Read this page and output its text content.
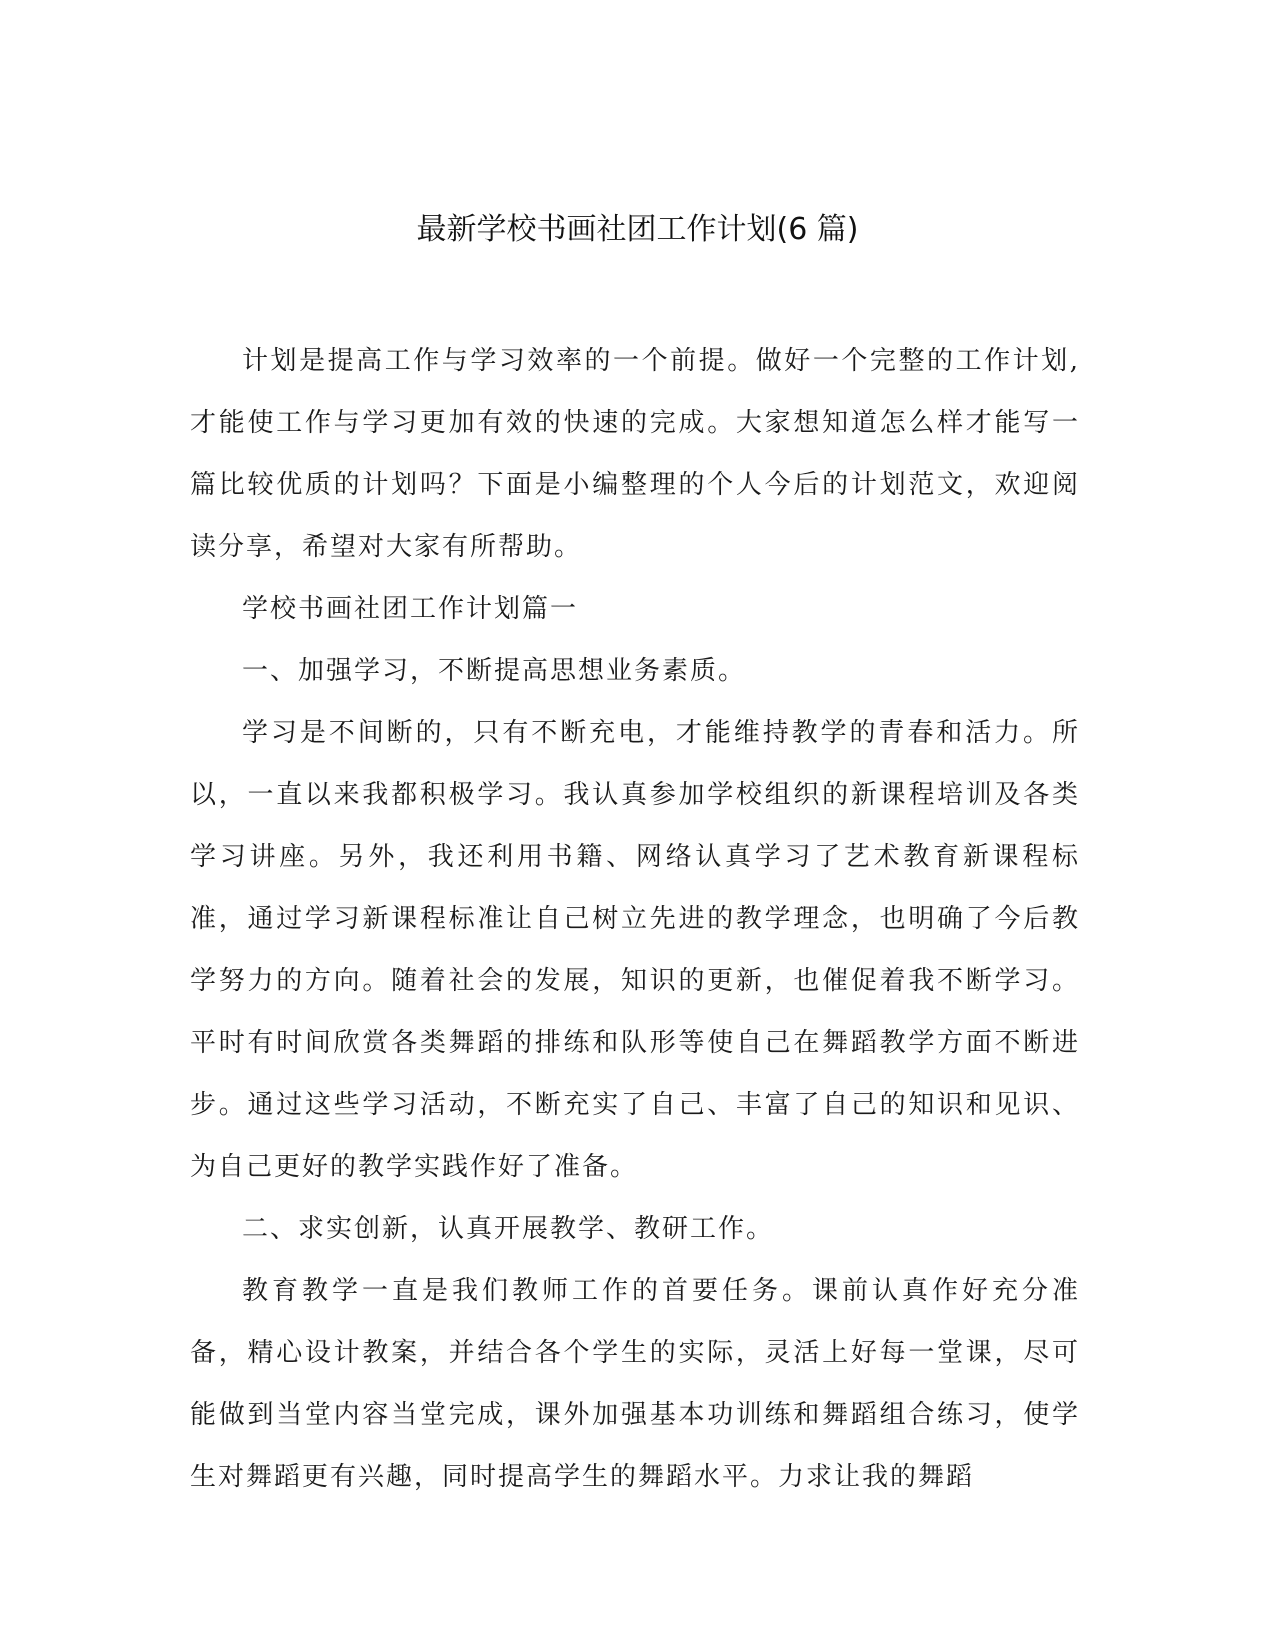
最新学校书画社团工作计划(6 篇)

计划是提高工作与学习效率的一个前提。做好一个完整的工作计划,才能使工作与学习更加有效的快速的完成。大家想知道怎么样才能写一篇比较优质的计划吗？下面是小编整理的个人今后的计划范文，欢迎阅读分享，希望对大家有所帮助。

学校书画社团工作计划篇一

一、加强学习，不断提高思想业务素质。

学习是不间断的，只有不断充电，才能维持教学的青春和活力。所以，一直以来我都积极学习。我认真参加学校组织的新课程培训及各类学习讲座。另外，我还利用书籍、网络认真学习了艺术教育新课程标准，通过学习新课程标准让自己树立先进的教学理念，也明确了今后教学努力的方向。随着社会的发展，知识的更新，也催促着我不断学习。平时有时间欣赏各类舞蹈的排练和队形等使自己在舞蹈教学方面不断进步。通过这些学习活动，不断充实了自己、丰富了自己的知识和见识、为自己更好的教学实践作好了准备。

二、求实创新，认真开展教学、教研工作。

教育教学一直是我们教师工作的首要任务。课前认真作好充分准备，精心设计教案，并结合各个学生的实际，灵活上好每一堂课，尽可能做到当堂内容当堂完成，课外加强基本功训练和舞蹈组合练习，使学生对舞蹈更有兴趣，同时提高学生的舞蹈水平。力求让我的舞蹈
